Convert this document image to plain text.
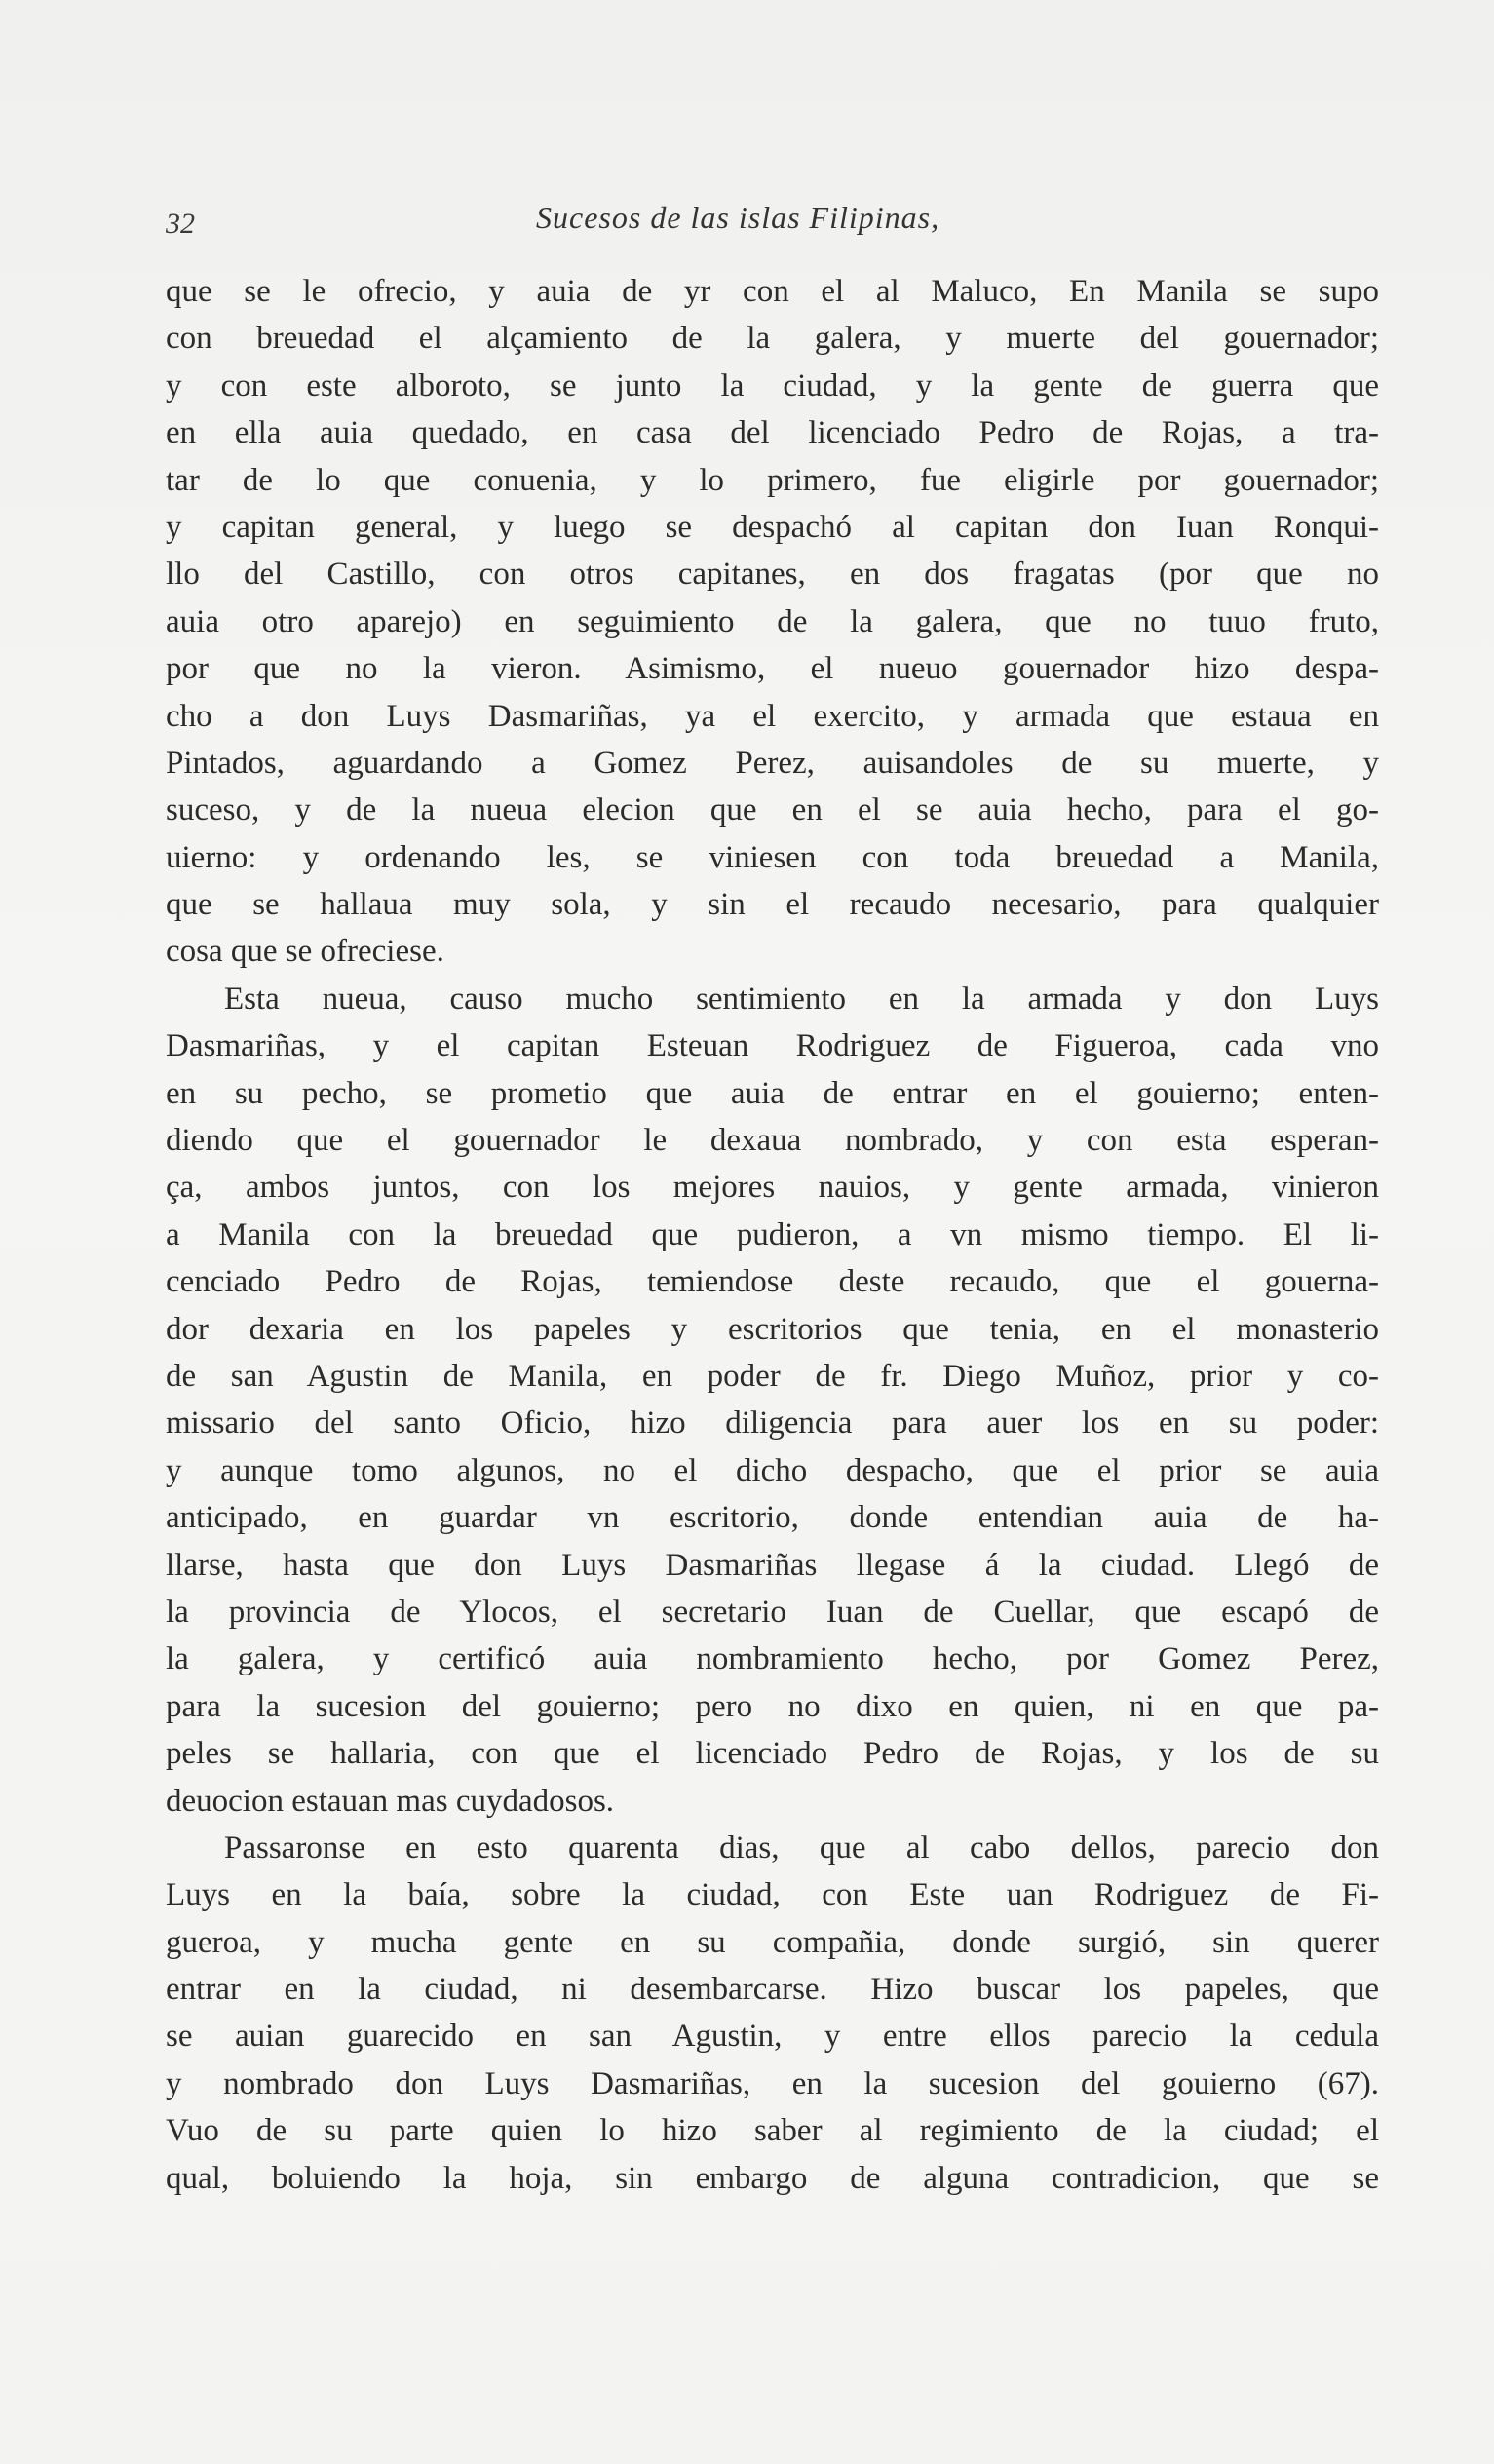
32	Sucesos de las islas Filipinas,
que se le ofrecio, y auia de yr con el al Maluco, En Manila se supo
con breuedad el alçamiento de la galera, y muerte del gouernador;
y con este alboroto, se junto la ciudad, y la gente de guerra que
en ella auia quedado, en casa del licenciado Pedro de Rojas, a tra-
tar de lo que conuenia, y lo primero, fue eligirle por gouernador;
y capitan general, y luego se despachó al capitan don Iuan Ronqui-
llo del Castillo, con otros capitanes, en dos fragatas (por que no
auia otro aparejo) en seguimiento de la galera, que no tuuo fruto,
por que no la vieron. Asimismo, el nueuo gouernador hizo despa-
cho a don Luys Dasmariñas, ya el exercito, y armada que estaua en
Pintados, aguardando a Gomez Perez, auisandoles de su muerte, y
suceso, y de la nueua elecion que en el se auia hecho, para el go-
uierno: y ordenando les, se viniesen con toda breuedad a Manila,
que se hallaua muy sola, y sin el recaudo necesario, para qualquier
cosa que se ofreciese.
Esta nueua, causo mucho sentimiento en la armada y don Luys
Dasmariñas, y el capitan Esteuan Rodriguez de Figueroa, cada vno
en su pecho, se prometio que auia de entrar en el gouierno; enten-
diendo que el gouernador le dexaua nombrado, y con esta esperan-
ça, ambos juntos, con los mejores nauios, y gente armada, vinieron
a Manila con la breuedad que pudieron, a vn mismo tiempo. El li-
cenciado Pedro de Rojas, temiendose deste recaudo, que el gouerna-
dor dexaria en los papeles y escritorios que tenia, en el monasterio
de san Agustin de Manila, en poder de fr. Diego Muñoz, prior y co-
missario del santo Oficio, hizo diligencia para auer los en su poder:
y aunque tomo algunos, no el dicho despacho, que el prior se auia
anticipado, en guardar vn escritorio, donde entendian auia de ha-
llarse, hasta que don Luys Dasmariñas llegase á la ciudad. Llegó de
la provincia de Ylocos, el secretario Iuan de Cuellar, que escapó de
la galera, y certificó auia nombramiento hecho, por Gomez Perez,
para la sucesion del gouierno; pero no dixo en quien, ni en que pa-
peles se hallaria, con que el licenciado Pedro de Rojas, y los de su
deuocion estauan mas cuydadosos.
Passaronse en esto quarenta dias, que al cabo dellos, parecio don
Luys en la baía, sobre la ciudad, con Este uan Rodriguez de Fi-
gueroa, y mucha gente en su compañia, donde surgió, sin querer
entrar en la ciudad, ni desembarcarse. Hizo buscar los papeles, que
se auian guarecido en san Agustin, y entre ellos parecio la cedula
y nombrado don Luys Dasmariñas, en la sucesion del gouierno (67).
Vuo de su parte quien lo hizo saber al regimiento de la ciudad; el
qual, boluiendo la hoja, sin embargo de alguna contradicion, que se
